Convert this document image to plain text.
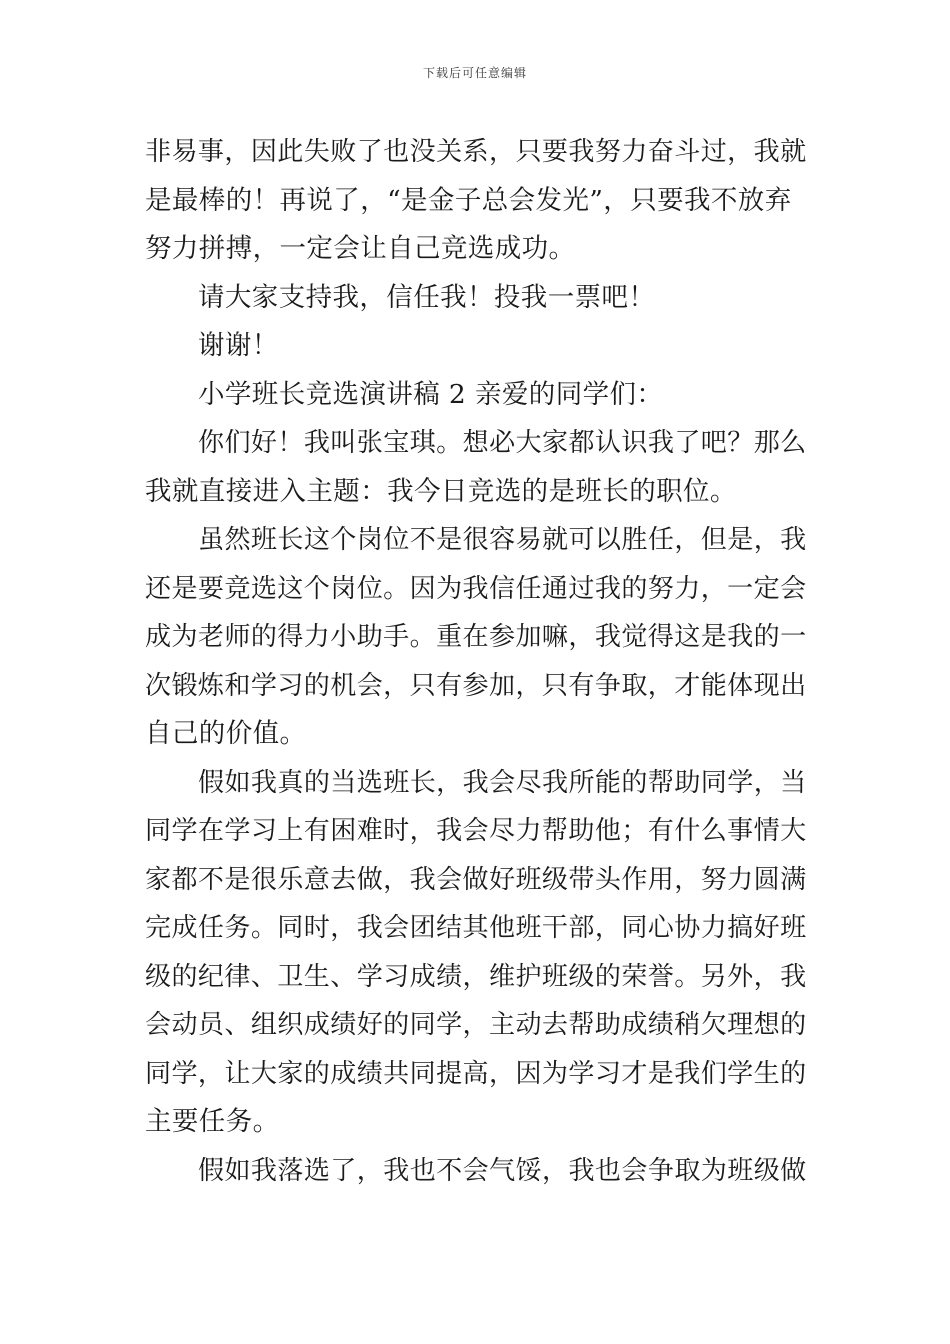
下载后可任意编辑
非易事，因此失败了也没关系，只要我努力奋斗过，我就
是最棒的！再说了，“是金子总会发光”，只要我不放弃
努力拼搏，一定会让自己竞选成功。
请大家支持我，信任我！投我一票吧！
谢谢！
小学班长竞选演讲稿 2 亲爱的同学们：
你们好！我叫张宝琪。想必大家都认识我了吧？那么
我就直接进入主题：我今日竞选的是班长的职位。
虽然班长这个岗位不是很容易就可以胜任，但是，我
还是要竞选这个岗位。因为我信任通过我的努力，一定会
成为老师的得力小助手。重在参加嘛，我觉得这是我的一
次锻炼和学习的机会，只有参加，只有争取，才能体现出
自己的价值。
假如我真的当选班长，我会尽我所能的帮助同学，当
同学在学习上有困难时，我会尽力帮助他；有什么事情大
家都不是很乐意去做，我会做好班级带头作用，努力圆满
完成任务。同时，我会团结其他班干部，同心协力搞好班
级的纪律、卫生、学习成绩，维护班级的荣誉。另外，我
会动员、组织成绩好的同学，主动去帮助成绩稍欠理想的
同学，让大家的成绩共同提高，因为学习才是我们学生的
主要任务。
假如我落选了，我也不会气馁，我也会争取为班级做
